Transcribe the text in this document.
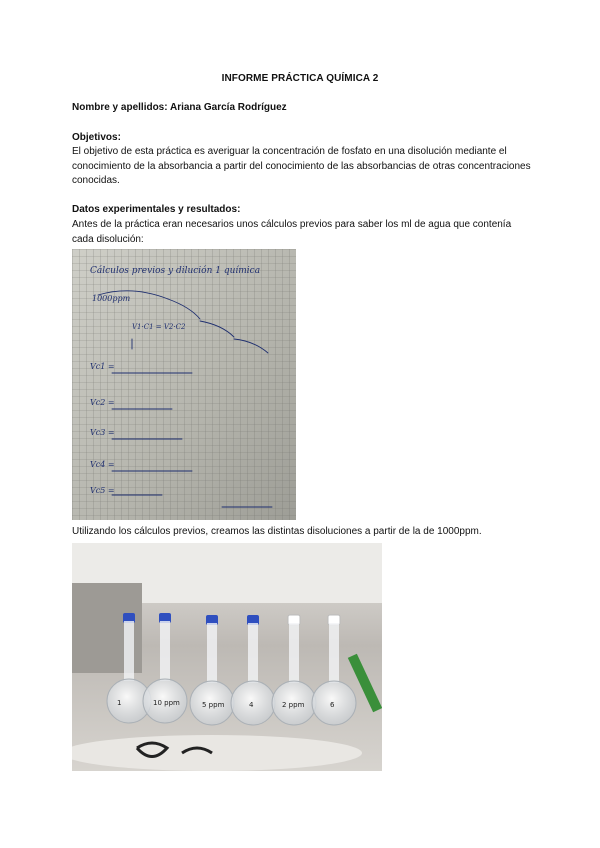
INFORME PRÁCTICA QUÍMICA 2
Nombre y apellidos: Ariana García Rodríguez
Objetivos:
El objetivo de esta práctica es averiguar la concentración de fosfato en una disolución mediante el conocimiento de la absorbancia a partir del conocimiento de las absorbancias de otras concentraciones conocidas.
Datos experimentales y resultados:
Antes de la práctica eran necesarios unos cálculos previos para saber los ml de agua que contenía cada disolución:
Cálculos previos y dilución 1 química
1000ppm
V1·C1 = V2·C2
Vc1 =
Vc2 =
Vc3 =
Vc4 =
Vc5 =
Utilizando los cálculos previos, creamos las distintas disoluciones a partir de la de 1000ppm.
1	10 ppm	5 ppm	4	2 ppm	6
